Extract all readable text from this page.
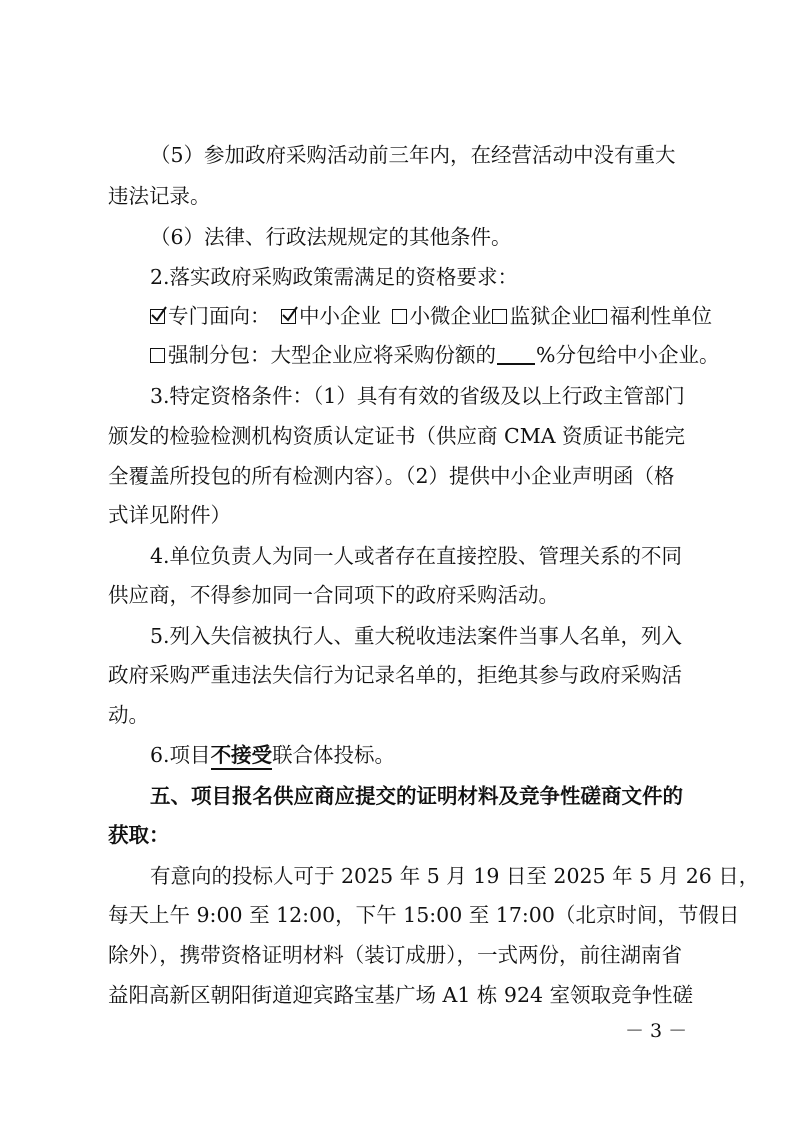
（5）参加政府采购活动前三年内，在经营活动中没有重大
违法记录。
（6）法律、行政法规规定的其他条件。
2.落实政府采购政策需满足的资格要求：
专门面向： 中小企业 小微企业 监狱企业 福利性单位
强制分包：大型企业应将采购份额的 %分包给中小企业。
3.特定资格条件：（1）具有有效的省级及以上行政主管部门
颁发的检验检测机构资质认定证书（供应商 CMA 资质证书能完
全覆盖所投包的所有检测内容）。（2）提供中小企业声明函（格
式详见附件）
4.单位负责人为同一人或者存在直接控股、管理关系的不同
供应商，不得参加同一合同项下的政府采购活动。
5.列入失信被执行人、重大税收违法案件当事人名单，列入
政府采购严重违法失信行为记录名单的，拒绝其参与政府采购活
动。
6.项目不接受联合体投标。
五、项目报名供应商应提交的证明材料及竞争性磋商文件的
获取：
有意向的投标人可于 2025 年 5 月 19 日至 2025 年 5 月 26 日，
每天上午 9:00 至 12:00，下午 15:00 至 17:00（北京时间，节假日
除外），携带资格证明材料（装订成册），一式两份，前往湖南省
益阳高新区朝阳街道迎宾路宝基广场 A1 栋 924 室领取竞争性磋
－ 3 －
